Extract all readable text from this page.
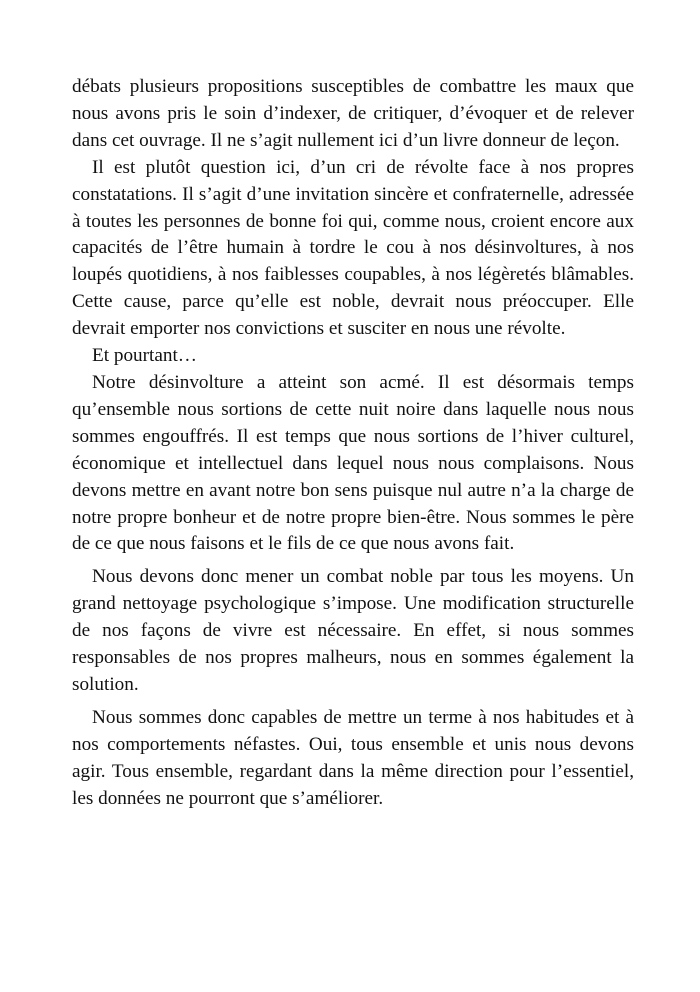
débats plusieurs propositions susceptibles de combattre les maux que nous avons pris le soin d’indexer, de critiquer, d’évoquer et de relever dans cet ouvrage. Il ne s’agit nullement ici d’un livre donneur de leçon.

Il est plutôt question ici, d’un cri de révolte face à nos propres constatations. Il s’agit d’une invitation sincère et confraternelle, adressée à toutes les personnes de bonne foi qui, comme nous, croient encore aux capacités de l’être humain à tordre le cou à nos désinvoltures, à nos loupés quotidiens, à nos faiblesses coupables, à nos légèretés blâmables. Cette cause, parce qu’elle est noble, devrait nous préoccuper. Elle devrait emporter nos convictions et susciter en nous une révolte.

Et pourtant…

Notre désinvolture a atteint son acmé. Il est désormais temps qu’ensemble nous sortions de cette nuit noire dans laquelle nous nous sommes engouffrés. Il est temps que nous sortions de l’hiver culturel, économique et intellectuel dans lequel nous nous complaisons. Nous devons mettre en avant notre bon sens puisque nul autre n’a la charge de notre propre bonheur et de notre propre bien-être. Nous sommes le père de ce que nous faisons et le fils de ce que nous avons fait.

Nous devons donc mener un combat noble par tous les moyens. Un grand nettoyage psychologique s’impose. Une modification structurelle de nos façons de vivre est nécessaire. En effet, si nous sommes responsables de nos propres malheurs, nous en sommes également la solution.

Nous sommes donc capables de mettre un terme à nos habitudes et à nos comportements néfastes. Oui, tous ensemble et unis nous devons agir. Tous ensemble, regardant dans la même direction pour l’essentiel, les données ne pourront que s’améliorer.
